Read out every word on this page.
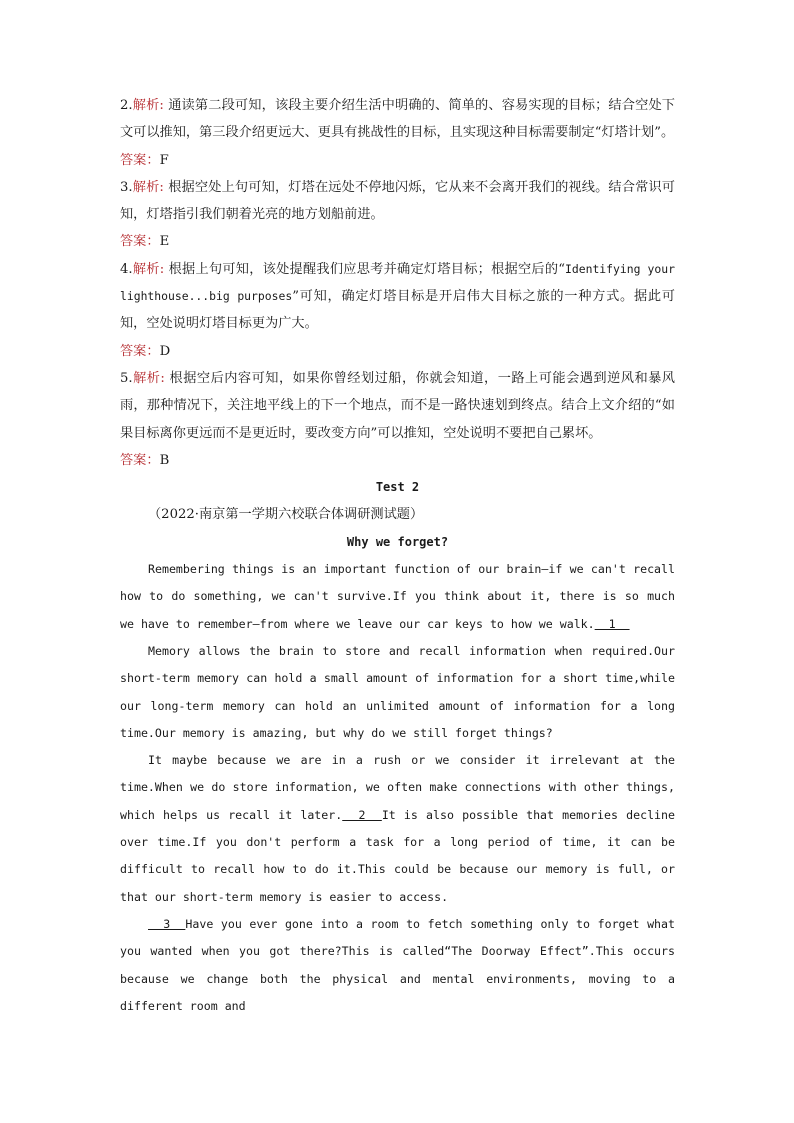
2.解析: 通读第二段可知，该段主要介绍生活中明确的、简单的、容易实现的目标；结合空处下文可以推知，第三段介绍更远大、更具有挑战性的目标，且实现这种目标需要制定“灯塔计划”。

答案：F

3.解析: 根据空处上句可知，灯塔在远处不停地闪烁，它从来不会离开我们的视线。结合常识可知，灯塔指引我们朝着光亮的地方划船前进。

答案：E

4.解析: 根据上句可知，该处提醒我们应思考并确定灯塔目标；根据空后的“Identifying your lighthouse...big purposes”可知，确定灯塔目标是开启伟大目标之旅的一种方式。据此可知，空处说明灯塔目标更为广大。

答案：D

5.解析: 根据空后内容可知，如果你曾经划过船，你就会知道，一路上可能会遇到逆风和暴风雨，那种情况下，关注地平线上的下一个地点，而不是一路快速划到终点。结合上文介绍的“如果目标离你更远而不是更近时，要改变方向”可以推知，空处说明不要把自己累坏。

答案：B

Test 2

（2022·南京第一学期六校联合体调研测试题）

Why we forget?

Remembering things is an important function of our brain—if we can't recall how to do something, we can't survive.If you think about it, there is so much we have to remember—from where we leave our car keys to how we walk.  1

Memory allows the brain to store and recall information when required.Our short-term memory can hold a small amount of information for a short time,while our long-term memory can hold an unlimited amount of information for a long time.Our memory is amazing, but why do we still forget things?

It maybe because we are in a rush or we consider it irrelevant at the time.When we do store information, we often make connections with other things, which helps us recall it later.  2  It is also possible that memories decline over time.If you don't perform a task for a long period of time, it can be difficult to recall how to do it.This could be because our memory is full, or that our short-term memory is easier to access.

3  Have you ever gone into a room to fetch something only to forget what you wanted when you got there?This is called“The Doorway Effect”.This occurs because we change both the physical and mental environments, moving to a different room and
